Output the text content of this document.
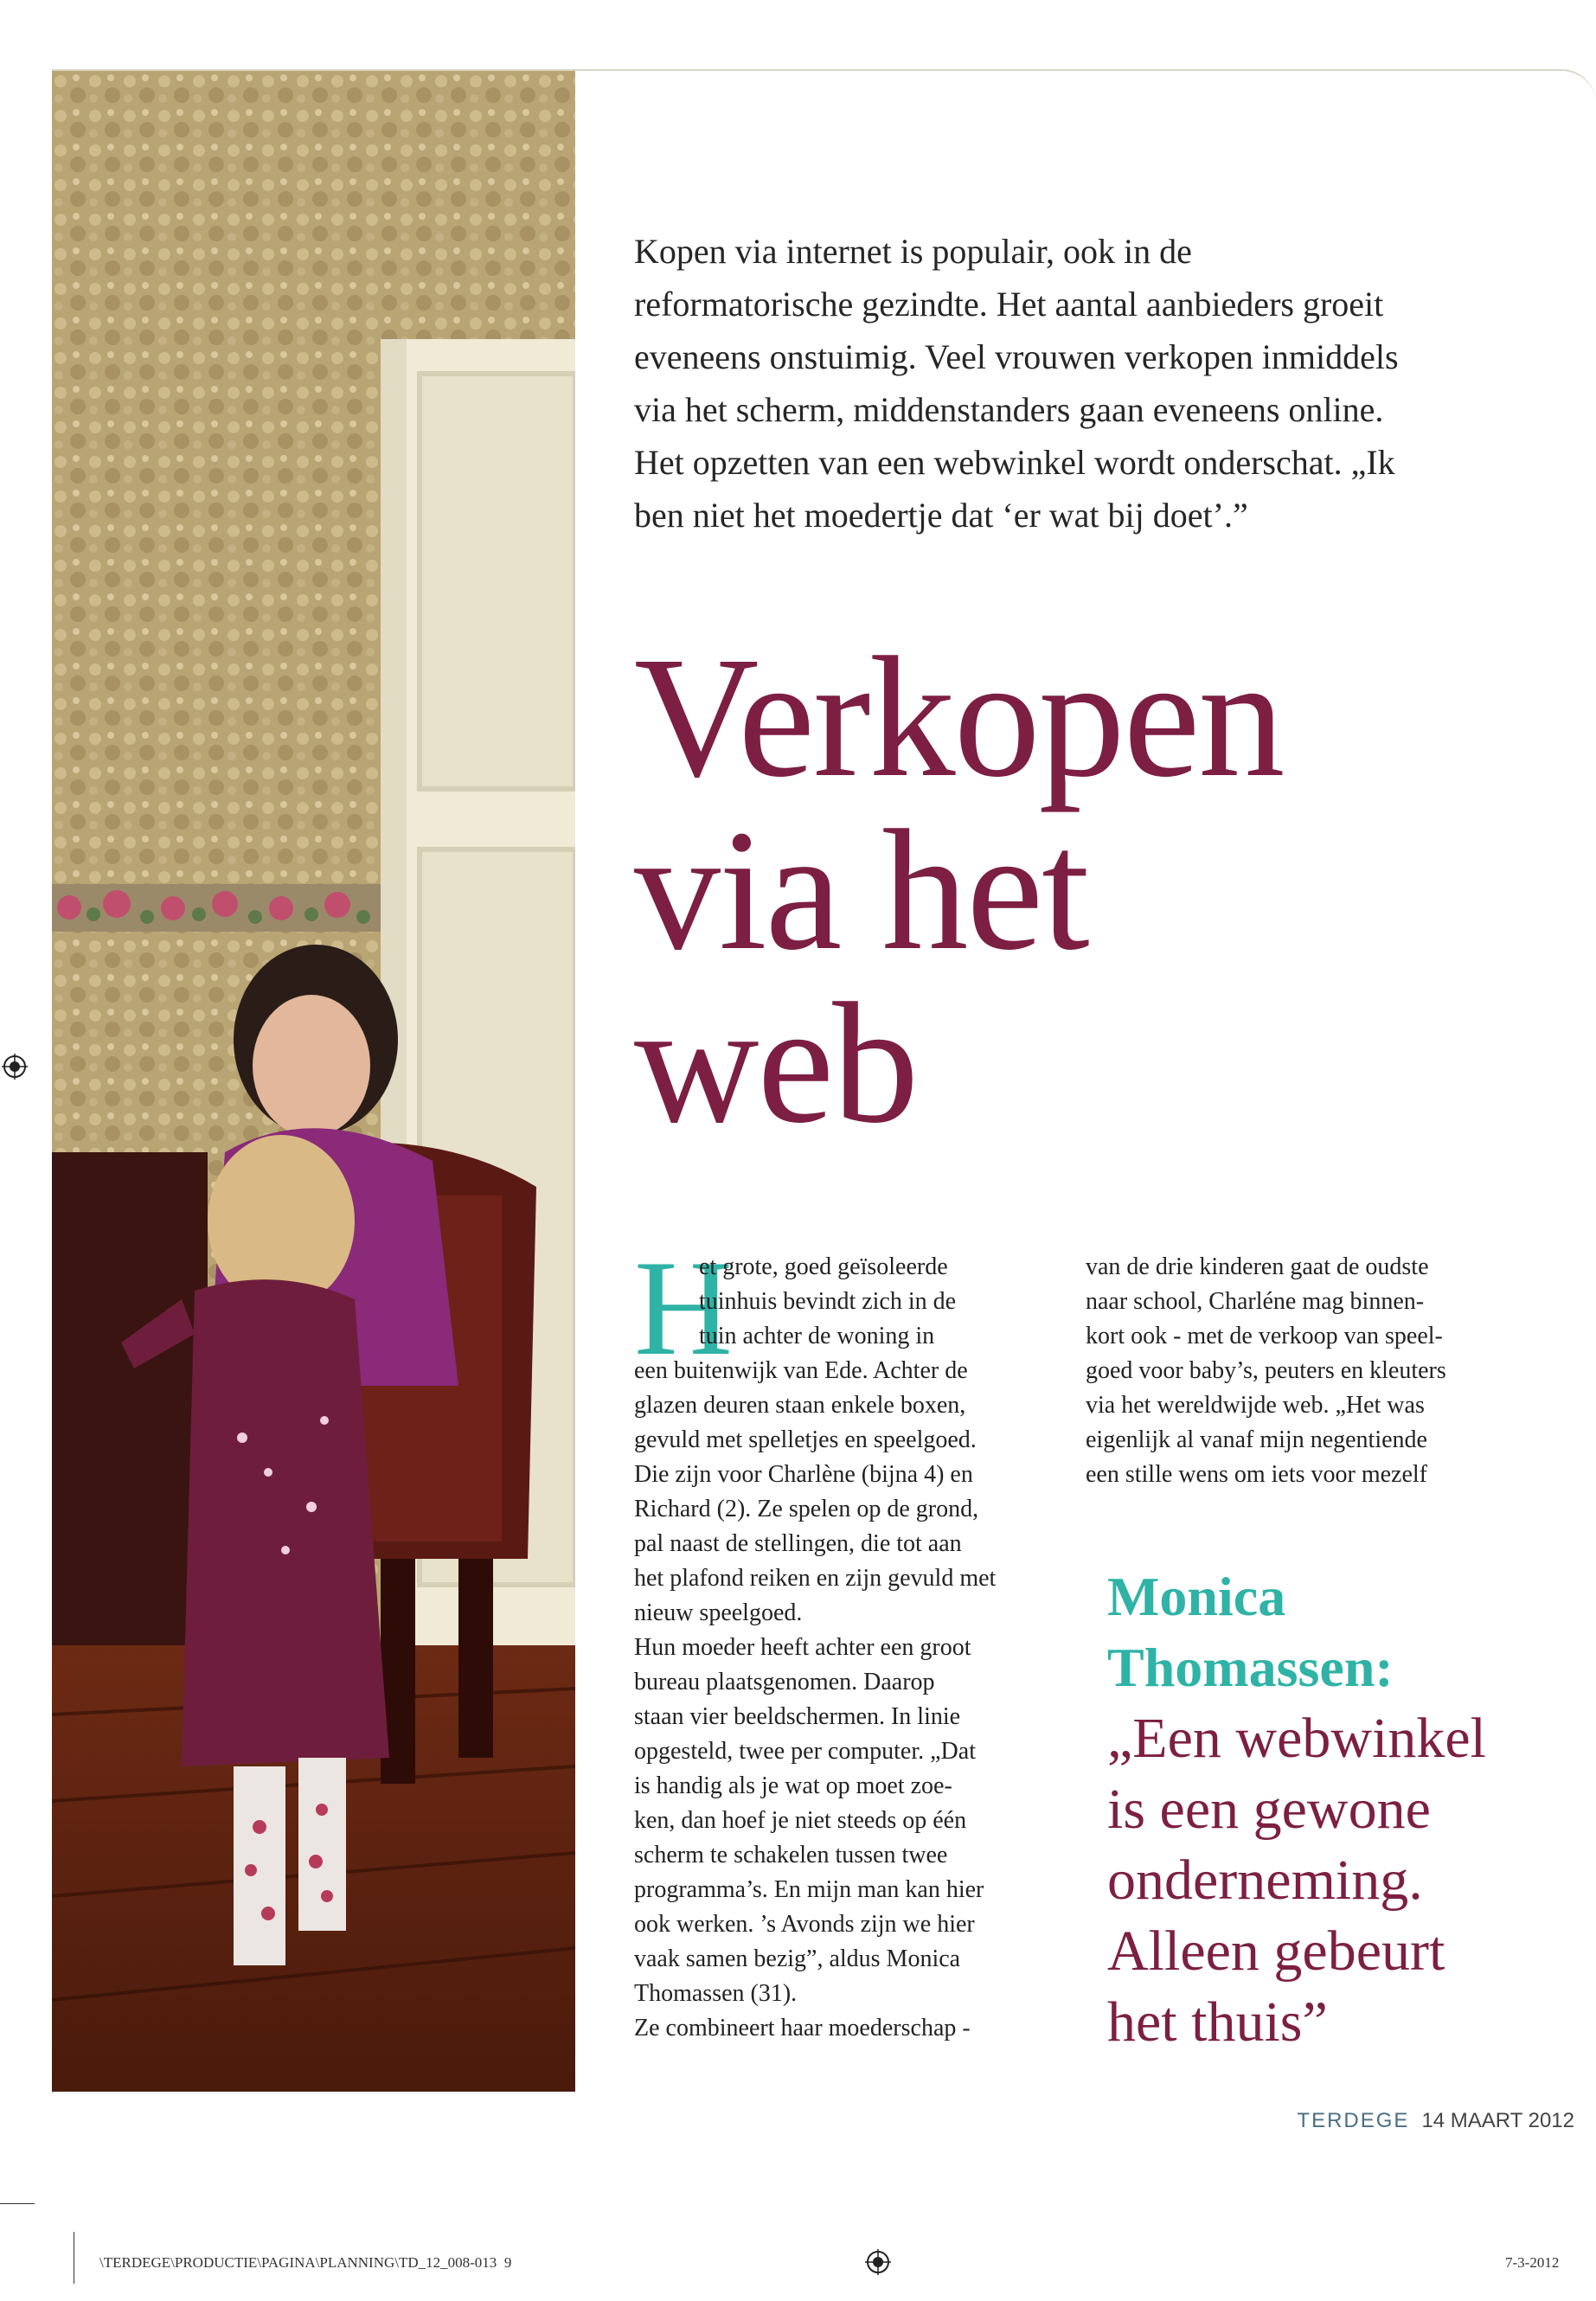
Kopen via internet is populair, ook in de
reformatorische gezindte. Het aantal aanbieders groeit
eveneens onstuimig. Veel vrouwen verkopen inmiddels
via het scherm, middenstanders gaan eveneens online.
Het opzetten van een webwinkel wordt onderschat. „Ik
ben niet het moedertje dat ‘er wat bij doet’.”
Verkopen
via het
web
H
et grote, goed geïsoleerde
tuinhuis bevindt zich in de
tuin achter de woning in
een buitenwijk van Ede. Achter de
glazen deuren staan enkele boxen,
gevuld met spelletjes en speelgoed.
Die zijn voor Charlène (bijna 4) en
Richard (2). Ze spelen op de grond,
pal naast de stellingen, die tot aan
het plafond reiken en zijn gevuld met
nieuw speelgoed.
Hun moeder heeft achter een groot
bureau plaatsgenomen. Daarop
staan vier beeldschermen. In linie
opgesteld, twee per computer. „Dat
is handig als je wat op moet zoe-
ken, dan hoef je niet steeds op één
scherm te schakelen tussen twee
programma’s. En mijn man kan hier
ook werken. ’s Avonds zijn we hier
vaak samen bezig”, aldus Monica
Thomassen (31).
Ze combineert haar moederschap -
van de drie kinderen gaat de oudste
naar school, Charléne mag binnen-
kort ook - met de verkoop van speel-
goed voor baby’s, peuters en kleuters
via het wereldwijde web. „Het was
eigenlijk al vanaf mijn negentiende
een stille wens om iets voor mezelf
Monica
Thomassen:
„Een webwinkel
is een gewone
onderneming.
Alleen gebeurt
het thuis”
TERDEGE 14 MAART 2012
\TERDEGE\PRODUCTIE\PAGINA\PLANNING\TD_12_008-013 9	7-3-2012
